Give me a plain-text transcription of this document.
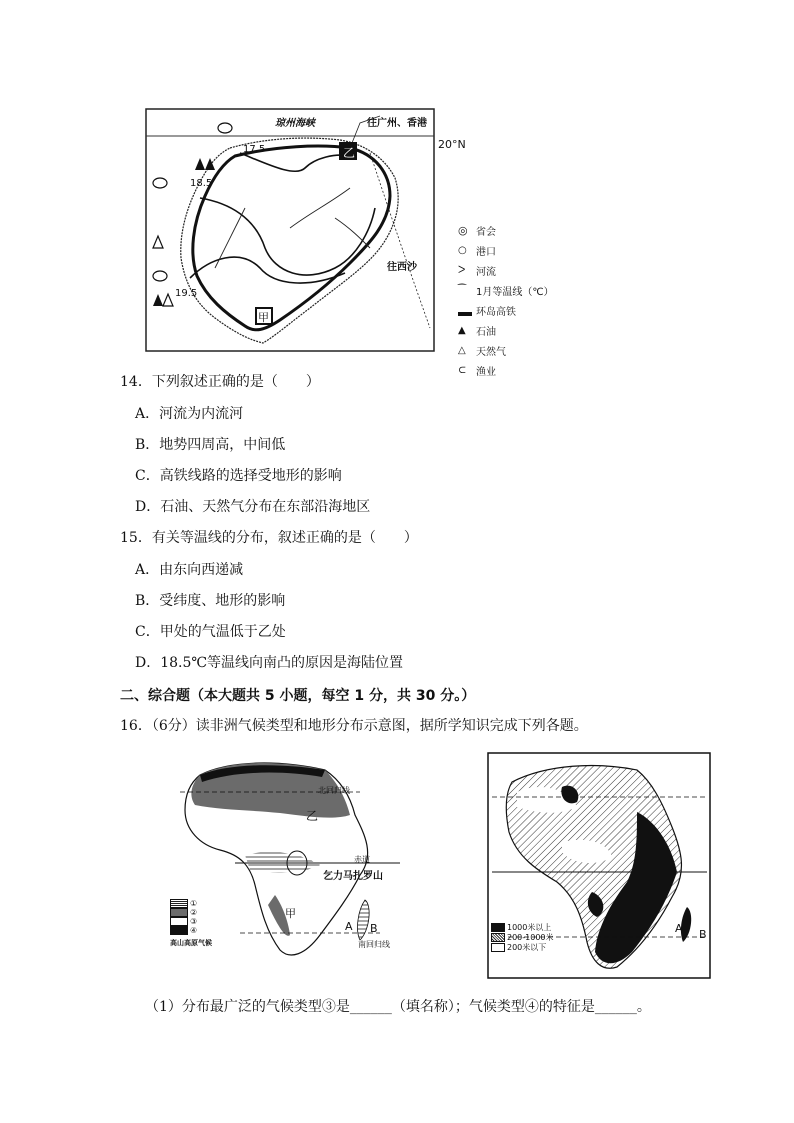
琼州海峡	往广州、香港
17.5
18.5
19.5
乙
甲
往西沙
20°N
◎ 省会
○ 港口
ᐳ	河流
⁀ 1月等温线（℃）
环岛高铁
▲	石油
△	天然气
⊂ 渔业
14．下列叙述正确的是（　　）
A．河流为内流河
B．地势四周高，中间低
C．高铁线路的选择受地形的影响
D．石油、天然气分布在东部沿海地区
15．有关等温线的分布，叙述正确的是（　　）
A．由东向西递减
B．受纬度、地形的影响
C．甲处的气温低于乙处
D．18.5℃等温线向南凸的原因是海陆位置
二、综合题（本大题共 5 小题，每空 1 分，共 30 分。）
16．（6分）读非洲气候类型和地形分布示意图，据所学知识完成下列各题。
北回归线
乙
赤道
乞力马扎罗山
甲
A B
南回归线
①
②
③
④
高山高原气候
A B
1000米以上
200-1000米
200米以下
（1）分布最广泛的气候类型③是______（填名称）；气候类型④的特征是______。
